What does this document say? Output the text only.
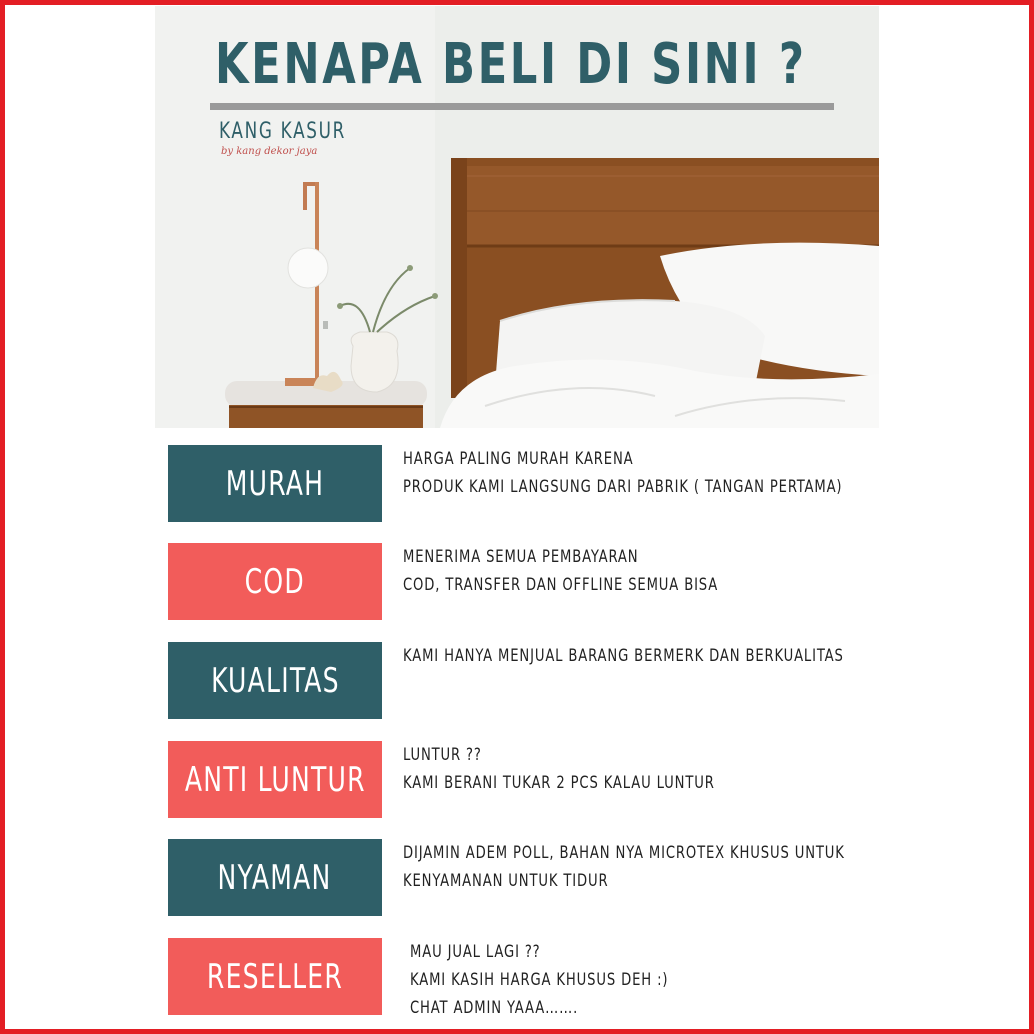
KENAPA BELI DI SINI ?
KANG KASUR
by kang dekor jaya
MURAH
HARGA PALING MURAH KARENA
PRODUK KAMI LANGSUNG DARI PABRIK ( TANGAN PERTAMA)
COD
MENERIMA SEMUA PEMBAYARAN
COD, TRANSFER DAN OFFLINE SEMUA BISA
KUALITAS
KAMI HANYA MENJUAL BARANG BERMERK DAN BERKUALITAS
ANTI LUNTUR
LUNTUR ??
KAMI BERANI TUKAR 2 PCS KALAU LUNTUR
NYAMAN
DIJAMIN ADEM POLL, BAHAN NYA MICROTEX KHUSUS UNTUK
KENYAMANAN UNTUK TIDUR
RESELLER
MAU JUAL LAGI ??
KAMI KASIH HARGA KHUSUS DEH :)
CHAT ADMIN YAAA…….
